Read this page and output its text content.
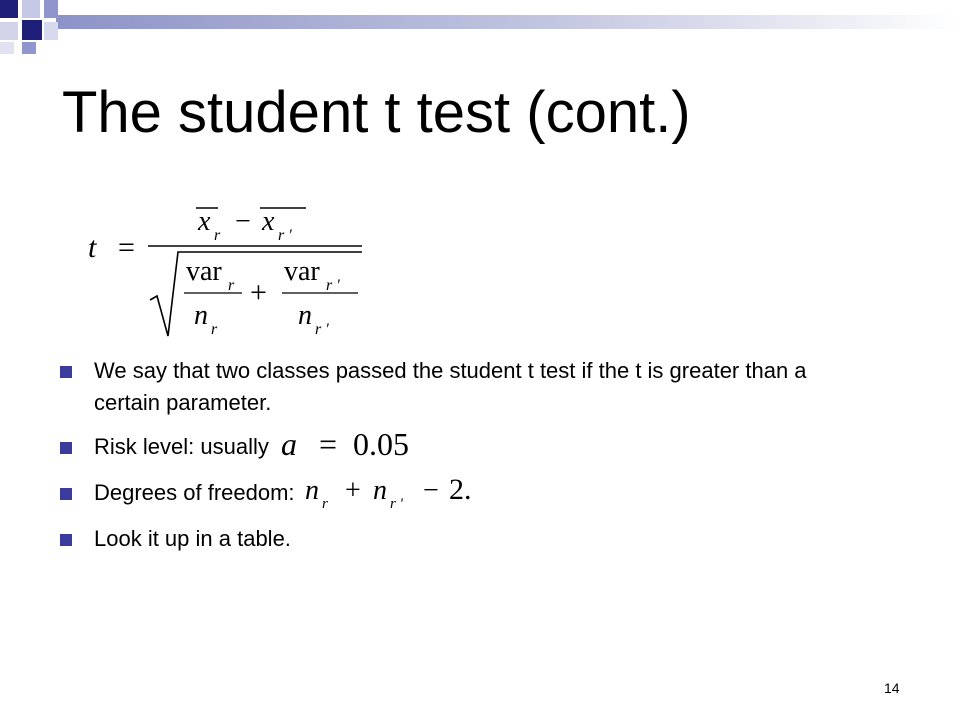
The student t test (cont.)
t =
x r − x r '
var r
n r
+
var r '
n r '
We say that two classes passed the student t test if the t is greater than a certain parameter.
Risk level: usually a = 0.05
Degrees of freedom: n r + n r ' − 2.
Look it up in a table.
14
